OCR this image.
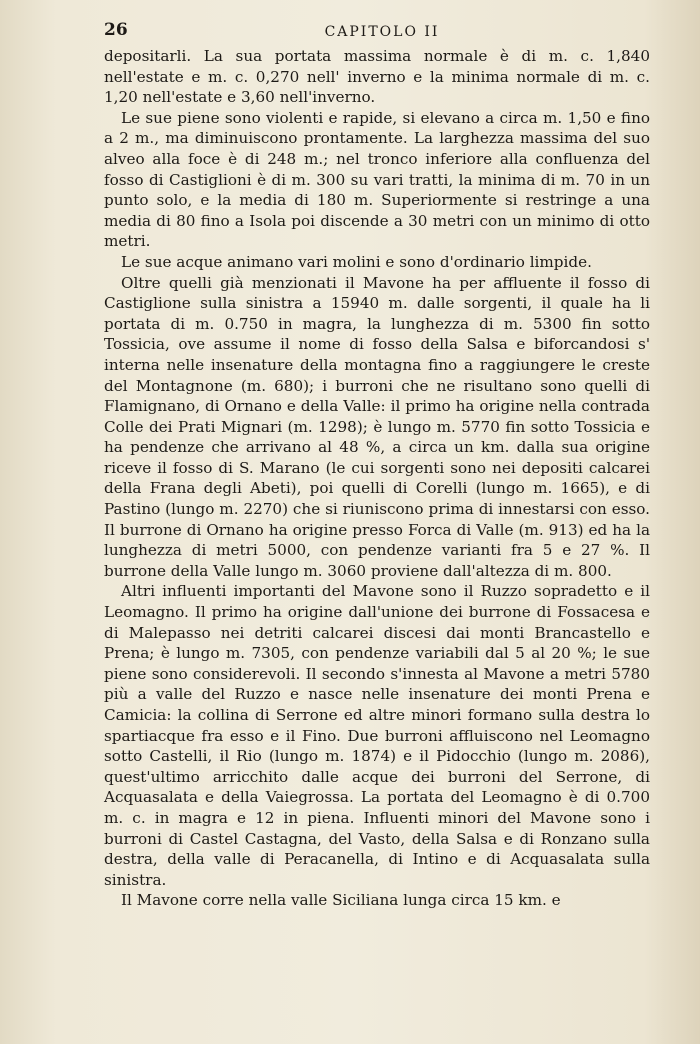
26	CAPITOLO II

depositarli. La sua portata massima normale è di m. c. 1,840 nell'estate e m. c. 0,270 nell' inverno e la minima normale di m. c. 1,20 nell'estate e 3,60 nell'inverno.

Le sue piene sono violenti e rapide, si elevano a circa m. 1,50 e fino a 2 m., ma diminuiscono prontamente. La larghezza massima del suo alveo alla foce è di 248 m.; nel tronco inferiore alla confluenza del fosso di Castiglioni è di m. 300 su vari tratti, la minima di m. 70 in un punto solo, e la media di 180 m. Superiormente si restringe a una media di 80 fino a Isola poi discende a 30 metri con un minimo di otto metri.

Le sue acque animano vari molini e sono d'ordinario limpide.

Oltre quelli già menzionati il Mavone ha per affluente il fosso di Castiglione sulla sinistra a 15940 m. dalle sorgenti, il quale ha li portata di m. 0.750 in magra, la lunghezza di m. 5300 fin sotto Tossicia, ove assume il nome di fosso della Salsa e biforcandosi s' interna nelle insenature della montagna fino a raggiungere le creste del Montagnone (m. 680); i burroni che ne risultano sono quelli di Flamignano, di Ornano e della Valle: il primo ha origine nella contrada Colle dei Prati Mignari (m. 1298); è lungo m. 5770 fin sotto Tossicia e ha pendenze che arrivano al 48 %, a circa un km. dalla sua origine riceve il fosso di S. Marano (le cui sorgenti sono nei depositi calcarei della Frana degli Abeti), poi quelli di Corelli (lungo m. 1665), e di Pastino (lungo m. 2270) che si riuniscono prima di innestarsi con esso. Il burrone di Ornano ha origine presso Forca di Valle (m. 913) ed ha la lunghezza di metri 5000, con pendenze varianti fra 5 e 27 %. Il burrone della Valle lungo m. 3060 proviene dall'altezza di m. 800.

Altri influenti importanti del Mavone sono il Ruzzo sopradetto e il Leomagno. Il primo ha origine dall'unione dei burrone di Fossacesa e di Malepasso nei detriti calcarei discesi dai monti Brancastello e Prena; è lungo m. 7305, con pendenze variabili dal 5 al 20 %; le sue piene sono considerevoli. Il secondo s'innesta al Mavone a metri 5780 più a valle del Ruzzo e nasce nelle insenature dei monti Prena e Camicia: la collina di Serrone ed altre minori formano sulla destra lo spartiacque fra esso e il Fino. Due burroni affluiscono nel Leomagno sotto Castelli, il Rio (lungo m. 1874) e il Pidocchio (lungo m. 2086), quest'ultimo arricchito dalle acque dei burroni del Serrone, di Acquasalata e della Vaiegrossa. La portata del Leomagno è di 0.700 m. c. in magra e 12 in piena. Influenti minori del Mavone sono i burroni di Castel Castagna, del Vasto, della Salsa e di Ronzano sulla destra, della valle di Peracanella, di Intino e di Acquasalata sulla sinistra.

Il Mavone corre nella valle Siciliana lunga circa 15 km. e
